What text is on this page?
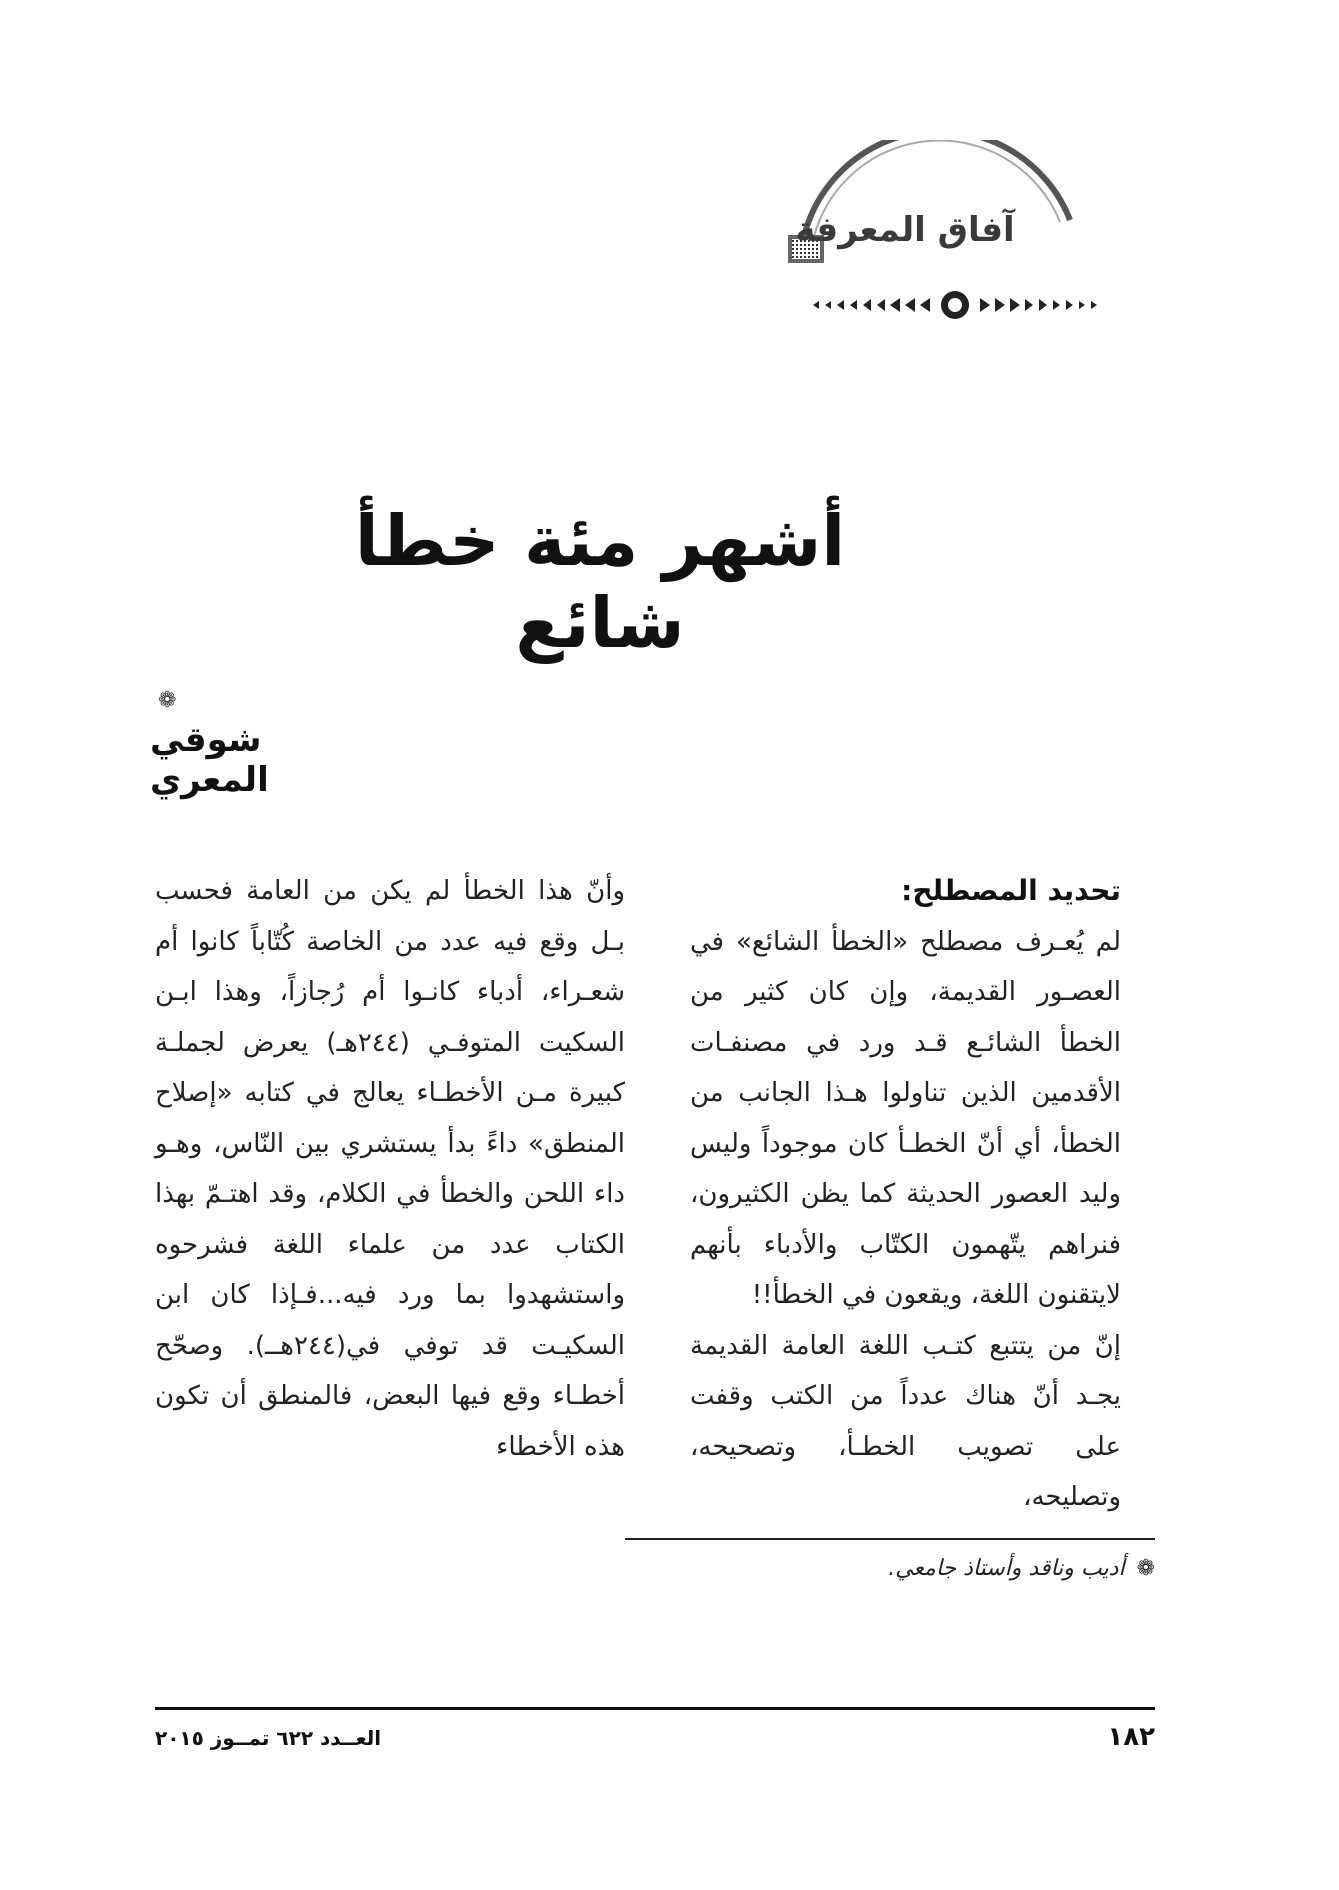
آفاق المعرفة
أشهر مئة خطأ شائع
❁
شوقي المعري

تحديد المصطلح:

لم يُعـرف مصطلح «الخطأ الشائع» في العصـور القديمة، وإن كان كثير من الخطأ الشائـع قـد ورد في مصنفـات الأقدمين الذين تناولوا هـذا الجانب من الخطأ، أي أنّ الخطـأ كان موجوداً وليس وليد العصور الحديثة كما يظن الكثيرون، فنراهم يتّهمون الكتّاب والأدباء بأنهم لايتقنون اللغة، ويقعون في الخطأ!!

إنّ من يتتبع كتـب اللغة العامة القديمة يجـد أنّ هناك عدداً من الكتب وقفت على تصويب الخطـأ، وتصحيحه، وتصليحه،

وأنّ هذا الخطأ لم يكن من العامة فحسب بـل وقع فيه عدد من الخاصة كُتّاباً كانوا أم شعـراء، أدباء كانـوا أم رُجازاً، وهذا ابـن السكيت المتوفـي (٢٤٤هـ) يعرض لجملـة كبيرة مـن الأخطـاء يعالج في كتابه «إصلاح المنطق» داءً بدأ يستشري بين النّاس، وهـو داء اللحن والخطأ في الكلام، وقد اهتـمّ بهذا الكتاب عدد من علماء اللغة فشرحوه واستشهدوا بما ورد فيه...فـإذا كان ابن السكيـت قد توفي في(٢٤٤هــ). وصحّح أخطـاء وقع فيها البعض، فالمنطق أن تكون هذه الأخطاء

❁أديب وناقد وأستاذ جامعي.
١٨٢
العــدد ٦٢٢ تمــوز ٢٠١٥
